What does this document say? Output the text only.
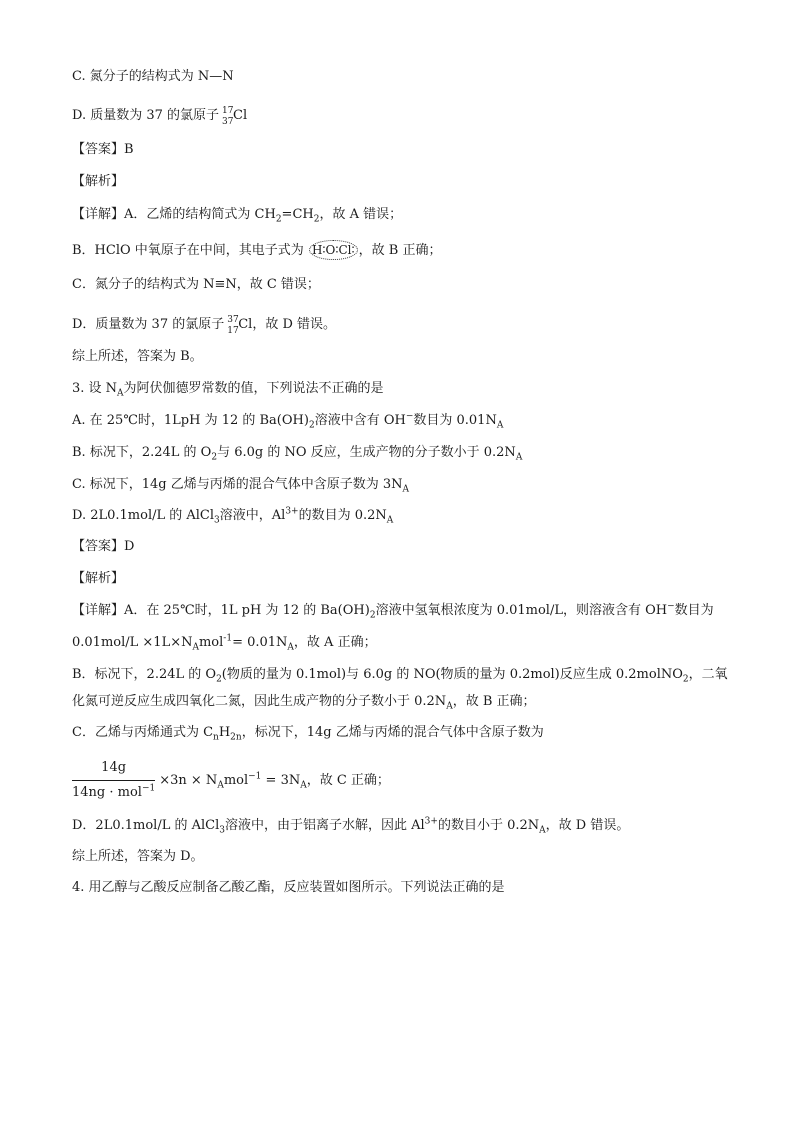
C. 氮分子的结构式为 N—N
D. 质量数为 37 的氯原子 17
37 Cl
【答案】B
【解析】
【详解】A．乙烯的结构简式为 $CH_2=CH_2$，故 A 错误；
B．HClO 中氧原子在中间，其电子式为 H∶O∶Cl∶ ，故 B 正确；
C．氮分子的结构式为 N≡N，故 C 错误；
D．质量数为 37 的氯原子 37
17 Cl，故 D 错误。
综上所述，答案为 B。
3. 设 $N_A$为阿伏伽德罗常数的值，下列说法不正确的是
A. 在 25℃时，1LpH 为 12 的 $Ba(OH)_2$溶液中含有 OH−数目为 $0.01N_A$
B. 标况下，2.24L 的 $O_2$与 6.0g 的 NO 反应，生成产物的分子数小于 $0.2N_A$
C. 标况下，14g 乙烯与丙烯的混合气体中含原子数为 $3N_A$
D. 2L0.1mol/L 的 AlCl$_3$溶液中，$Al^{3+}$的数目为 $0.2N_A$
【答案】D
【解析】
【详解】A．在 25℃时，1L pH 为 12 的 $Ba(OH)_2$溶液中氢氧根浓度为 0.01mol/L，则溶液含有 OH−数目为
$0.01mol/L \times 1L\times N_Amol^{-1}= 0.01N_A$，故 A 正确；
B．标况下，2.24L 的 $O_2$(物质的量为 0.1mol)与 6.0g 的 NO(物质的量为 0.2mol)反应生成 0.2molNO$_2$，二氧
化氮可逆反应生成四氧化二氮，因此生成产物的分子数小于 $0.2N_A$，故 B 正确；
C．乙烯与丙烯通式为 $C_nH_{2n}$，标况下，14g 乙烯与丙烯的混合气体中含原子数为
$\frac{14g}{14ng \cdot mol^{-1}} \times 3n \times N_Amol^{-1} = 3N_A$，故 C 正确；
D．2L0.1mol/L 的 AlCl$_3$溶液中，由于铝离子水解，因此 $Al^{3+}$的数目小于 $0.2N_A$，故 D 错误。
综上所述，答案为 D。
4. 用乙醇与乙酸反应制备乙酸乙酯，反应装置如图所示。下列说法正确的是
